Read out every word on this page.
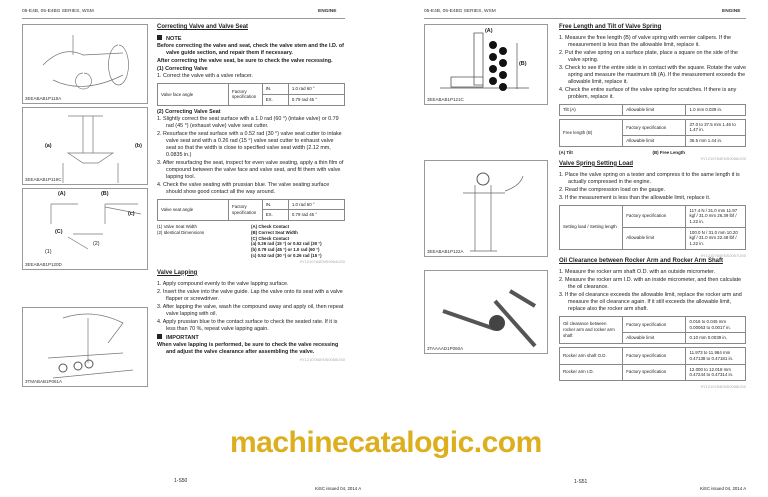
05-E4B, 05-E4BG SERIES, WSM	ENGINE
3EEABAB1P118A
(a)	(b)
3EEABAB1P119C
(A)	(B)
(c)
(C)
(1)
(2)
3EEABAB1P120D
3TMABAB1P061A
Correcting Valve and Valve Seat
NOTE
Before correcting the valve and seat, check the valve stem and the I.D. of valve guide section, and repair them if necessary.
After correcting the valve seat, be sure to check the valve recessing.
(1) Correcting Valve
1. Correct the valve with a valve refacer.
Valve face angle	Factory specification	IN.	1.0 rad 60 °
		EX.	0.79 rad 45 °
(2) Correcting Valve Seat
1. Slightly correct the seat surface with a 1.0 rad (60 °) (intake valve) or 0.79 rad (45 °) (exhaust valve) valve seat cutter.
2. Resurface the seat surface with a 0.52 rad (30 °) valve seat cutter to intake valve seat and with a 0.26 rad (15 °) valve seat cutter to exhaust valve seat so that the width is close to specified valve seat width (2.12 mm, 0.0835 in.)
3. After resurfacing the seat, inspect for even valve seating, apply a thin film of compound between the valve face and valve seat, and fit them with valve lapping tool.
4. Check the valve seating with prussian blue. The valve seating surface should show good contact all the way around.
Valve seat angle	Factory specification	IN.	1.0 rad 60 °
		EX.	0.79 rad 45 °
(1) Valve Seat Width
(2) Identical Dimensions
(A) Check Contact
(B) Correct Seat Width
(C) Check Contact
(a) 0.26 rad (15 °) or 0.52 rad (30 °)
(b) 0.79 rad (45 °) or 1.0 rad (60 °)
(c) 0.52 rad (30 °) or 0.26 rad (15 °)
9Y1210784ENS0064US0
Valve Lapping
1. Apply compound evenly to the valve lapping surface.
2. Insert the valve into the valve guide. Lap the valve onto its seat with a valve flapper or screwdriver.
3. After lapping the valve, wash the compound away and apply oil, then repeat valve lapping with oil.
4. Apply prussian blue to the contact surface to check the seated rate. If it is less than 70 %, repeat valve lapping again.
IMPORTANT
When valve lapping is performed, be sure to check the valve recessing and adjust the valve clearance after assembling the valve.
9Y1210784ENS0065US0
1-S50
KiSC issued 04, 2014 A
05-E4B, 05-E4BG SERIES, WSM	ENGINE
(A)
(B)
3EEABAB1P121C
3EEABAB1P122A
3TAAAAD1P060A
Free Length and Tilt of Valve Spring
1. Measure the free length (B) of valve spring with vernier calipers. If the measurement is less than the allowable limit, replace it.
2. Put the valve spring on a surface plate, place a square on the side of the valve spring.
3. Check to see if the entire side is in contact with the square. Rotate the valve spring and measure the maximum tilt (A). If the measurement exceeds the allowable limit, replace it.
4. Check the entire surface of the valve spring for scratches. If there is any problem, replace it.
Tilt (A)	Allowable limit	1.0 mm 0.039 in.
Free length (B)	Factory specification	37.0 to 37.5 mm 1.46 to 1.47 in.
	Allowable limit	36.5 mm 1.44 in.
(A) Tilt	(B) Free Length
9Y1210784ENS0066US0
Valve Spring Setting Load
1. Place the valve spring on a tester and compress it to the same length it is actually compressed in the engine.
2. Read the compression load on the gauge.
3. If the measurement is less than the allowable limit, replace it.
Setting load / Setting length	Factory specification	117.4 N / 31.0 mm 11.97 kgf / 31.0 mm 26.39 lbf / 1.22 in.
	Allowable limit	100.0 N / 31.0 mm 10.20 kgf / 31.0 mm 22.48 lbf / 1.22 in.
9Y1210784ENS0067US0
Oil Clearance between Rocker Arm and Rocker Arm Shaft
1. Measure the rocker arm shaft O.D. with an outside micrometer.
2. Measure the rocker arm I.D. with an inside micrometer, and then calculate the oil clearance.
3. If the oil clearance exceeds the allowable limit, replace the rocker arm and measure the oil clearance again. If it still exceeds the allowable limit, replace also the rocker arm shaft.
Oil clearance between rocker arm and rocker arm shaft	Factory specification	0.016 to 0.045 mm 0.00063 to 0.0017 in.
	Allowable limit	0.10 mm 0.0039 in.
Rocker arm shaft O.D.	Factory specification	11.973 to 11.984 mm 0.47138 to 0.47181 in.
Rocker arm I.D.	Factory specification	12.000 to 12.018 mm 0.47244 to 0.47314 in.
9Y1210784ENS0068US0
1-S51
KiSC issued 04, 2014 A
machinecatalogic.com
